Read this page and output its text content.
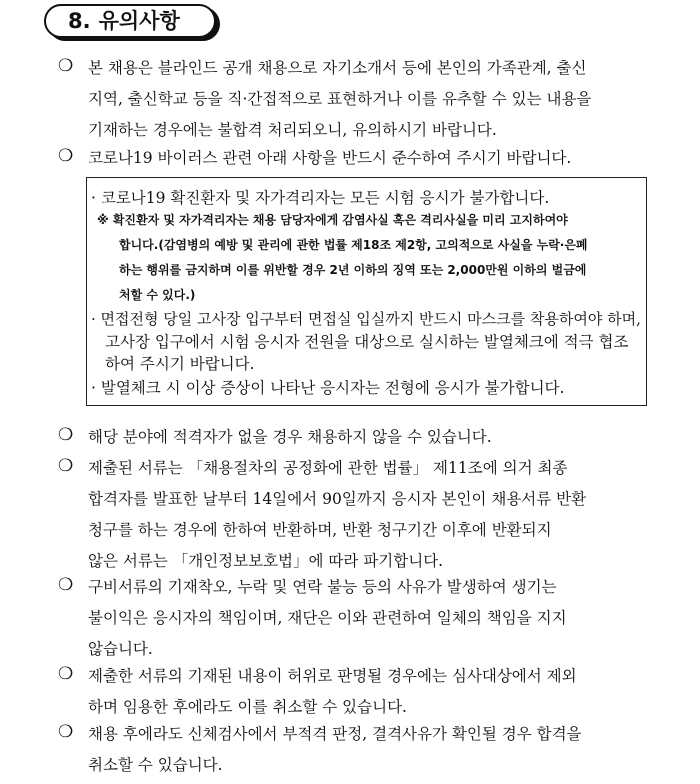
8. 유의사항
❍ 본 채용은 블라인드 공개 채용으로 자기소개서 등에 본인의 가족관계, 출신
지역, 출신학교 등을 직·간접적으로 표현하거나 이를 유추할 수 있는 내용을
기재하는 경우에는 불합격 처리되오니, 유의하시기 바랍니다.
❍ 코로나19 바이러스 관련 아래 사항을 반드시 준수하여 주시기 바랍니다.
· 코로나19 확진환자 및 자가격리자는 모든 시험 응시가 불가합니다.
※ 확진환자 및 자가격리자는 채용 담당자에게 감염사실 혹은 격리사실을 미리 고지하여야
합니다.(감염병의 예방 및 관리에 관한 법률 제18조 제2항, 고의적으로 사실을 누락·은폐
하는 행위를 금지하며 이를 위반할 경우 2년 이하의 징역 또는 2,000만원 이하의 벌금에
처할 수 있다.)
· 면접전형 당일 고사장 입구부터 면접실 입실까지 반드시 마스크를 착용하여야 하며,
고사장 입구에서 시험 응시자 전원을 대상으로 실시하는 발열체크에 적극 협조
하여 주시기 바랍니다.
· 발열체크 시 이상 증상이 나타난 응시자는 전형에 응시가 불가합니다.
❍ 해당 분야에 적격자가 없을 경우 채용하지 않을 수 있습니다.
❍ 제출된 서류는 「채용절차의 공정화에 관한 법률」 제11조에 의거 최종
합격자를 발표한 날부터 14일에서 90일까지 응시자 본인이 채용서류 반환
청구를 하는 경우에 한하여 반환하며, 반환 청구기간 이후에 반환되지
않은 서류는 「개인정보보호법」에 따라 파기합니다.
❍ 구비서류의 기재착오, 누락 및 연락 불능 등의 사유가 발생하여 생기는
불이익은 응시자의 책임이며, 재단은 이와 관련하여 일체의 책임을 지지
않습니다.
❍ 제출한 서류의 기재된 내용이 허위로 판명될 경우에는 심사대상에서 제외
하며 임용한 후에라도 이를 취소할 수 있습니다.
❍ 채용 후에라도 신체검사에서 부적격 판정, 결격사유가 확인될 경우 합격을
취소할 수 있습니다.
